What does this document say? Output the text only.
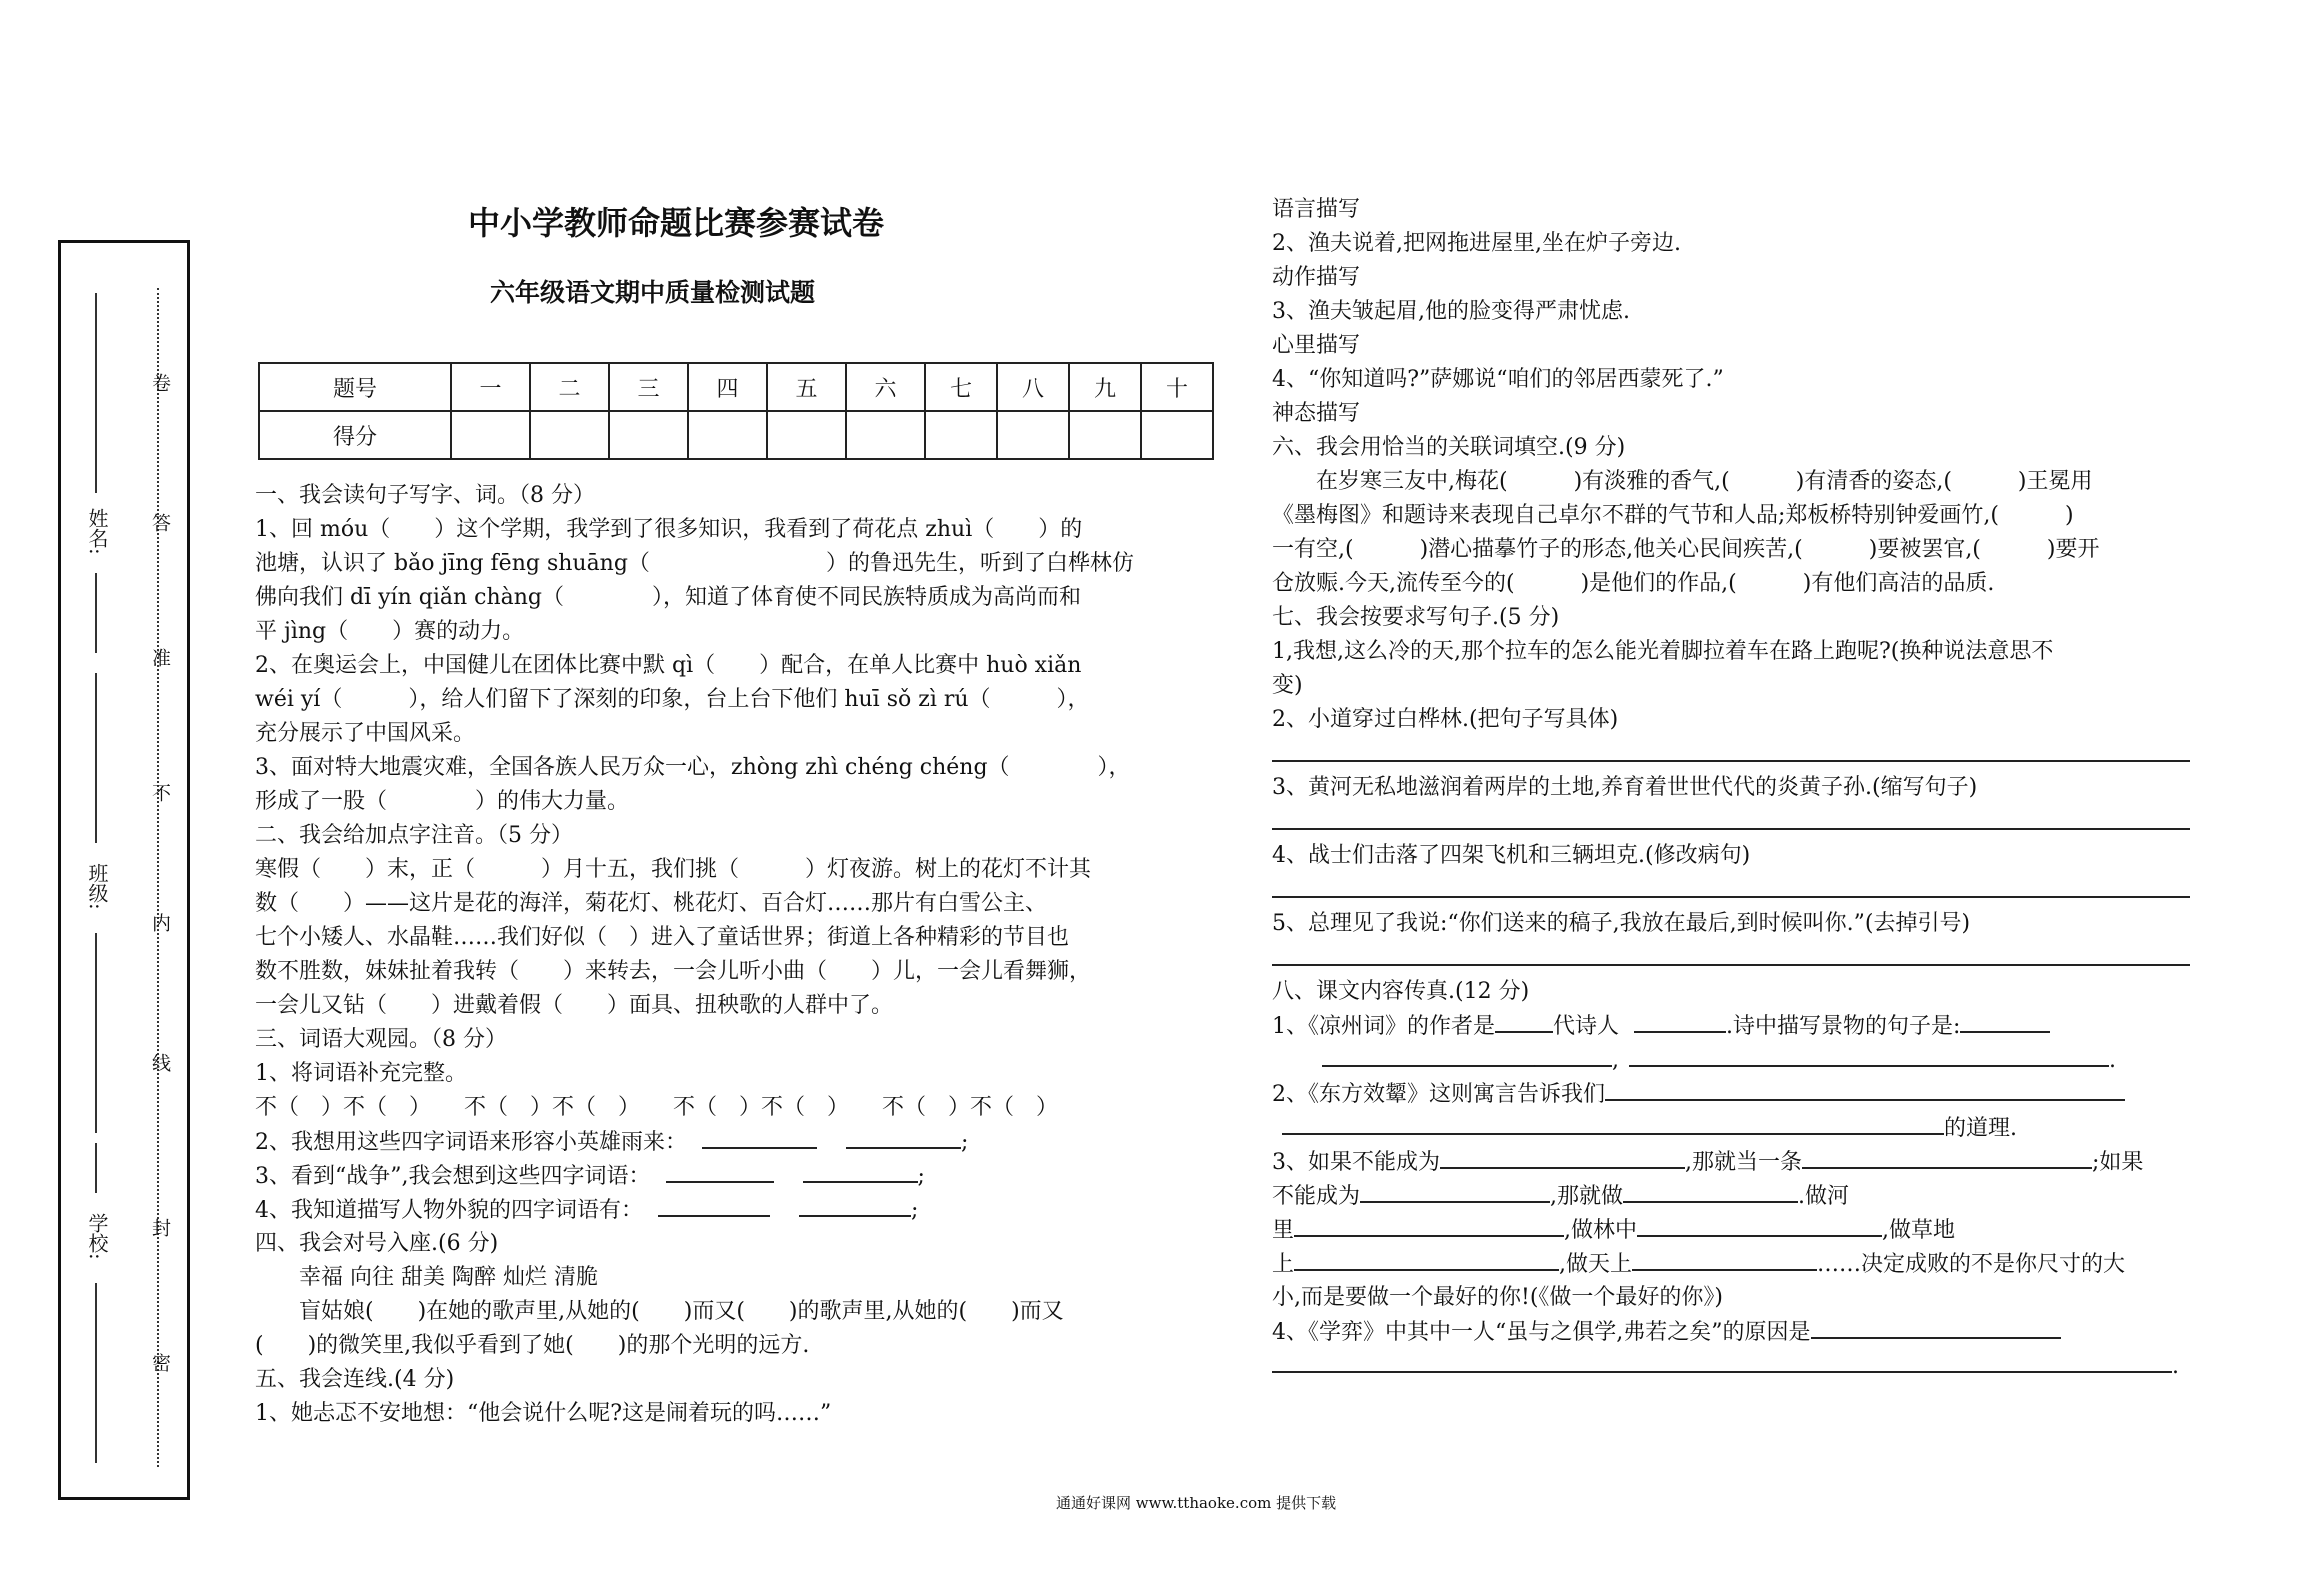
卷
答
准
不
内
线
封
密
姓名:
班级:
学校:
中小学教师命题比赛参赛试卷
六年级语文期中质量检测试题
题号	一	二	三	四	五	六	七	八	九	十
得分										
一、我会读句子写字、词。（8 分）
1、回 móu（　　）这个学期，我学到了很多知识，我看到了荷花点 zhuì（　　）的
池塘，认识了 bǎo jīng fēng shuāng（　　　　　　　　）的鲁迅先生，听到了白桦林仿
佛向我们 dī yín qiǎn chàng（　　　　），知道了体育使不同民族特质成为高尚而和
平 jìng（　　）赛的动力。
2、在奥运会上，中国健儿在团体比赛中默 qì（　　）配合，在单人比赛中 huò xiǎn
wéi yí（　　　），给人们留下了深刻的印象，台上台下他们 huī sǒ zì rú（　　　），
充分展示了中国风采。
3、面对特大地震灾难，全国各族人民万众一心，zhòng zhì chéng chéng（　　　　），
形成了一股（　　　　）的伟大力量。
二、我会给加点字注音。（5 分）
寒假（　　）末，正（　　　）月十五，我们挑（　　　）灯夜游。树上的花灯不计其
数（　　）——这片是花的海洋，菊花灯、桃花灯、百合灯……那片有白雪公主、
七个小矮人、水晶鞋……我们好似（　）进入了童话世界；街道上各种精彩的节目也
数不胜数，妹妹扯着我转（　　）来转去，一会儿听小曲（　　）儿，一会儿看舞狮，
一会儿又钻（　　）进戴着假（　　）面具、扭秧歌的人群中了。
三、词语大观园。（8 分）
1、将词语补充完整。
不（　）不（　）　　不（　）不（　）　　不（　）不（　）　　不（　）不（　）
2、我想用这些四字词语来形容小英雄雨来：	;
3、看到“战争”,我会想到这些四字词语：	;
4、我知道描写人物外貌的四字词语有：	;
四、我会对号入座.(6 分)
　　幸福 向往 甜美 陶醉 灿烂 清脆
　　盲姑娘(　　)在她的歌声里,从她的(　　)而又(　　)的歌声里,从她的(　　)而又
(　　)的微笑里,我似乎看到了她(　　)的那个光明的远方.
五、我会连线.(4 分)
1、她忐忑不安地想：“他会说什么呢?这是闹着玩的吗……”
语言描写
2、渔夫说着,把网拖进屋里,坐在炉子旁边.
动作描写
3、渔夫皱起眉,他的脸变得严肃忧虑.
心里描写
4、“你知道吗?”萨娜说“咱们的邻居西蒙死了.”
神态描写
六、我会用恰当的关联词填空.(9 分)
　　在岁寒三友中,梅花(　　　)有淡雅的香气,(　　　)有清香的姿态,(　　　)王冕用
《墨梅图》和题诗来表现自己卓尔不群的气节和人品;郑板桥特别钟爱画竹,(　　　)
一有空,(　　　)潜心描摹竹子的形态,他关心民间疾苦,(　　　)要被罢官,(　　　)要开
仓放赈.今天,流传至今的(　　　)是他们的作品,(　　　)有他们高洁的品质.
七、我会按要求写句子.(5 分)
1,我想,这么冷的天,那个拉车的怎么能光着脚拉着车在路上跑呢?(换种说法意思不
变)
2、小道穿过白桦林.(把句子写具体)
3、黄河无私地滋润着两岸的土地,养育着世世代代的炎黄子孙.(缩写句子)
4、战士们击落了四架飞机和三辆坦克.(修改病句)
5、总理见了我说:“你们送来的稿子,我放在最后,到时候叫你.”(去掉引号)
八、课文内容传真.(12 分)
1、《凉州词》的作者是	代诗人	.诗中描写景物的句子是:
,	.
2、《东方效颦》这则寓言告诉我们
的道理.
3、如果不能成为	,那就当一条	;如果
不能成为	,那就做	.做河
里	,做林中	,做草地
上	,做天上	……决定成败的不是你尺寸的大
小,而是要做一个最好的你!(《做一个最好的你》)
4、《学弈》中其中一人“虽与之俱学,弗若之矣”的原因是
.
通通好课网 www.tthaoke.com 提供下载
